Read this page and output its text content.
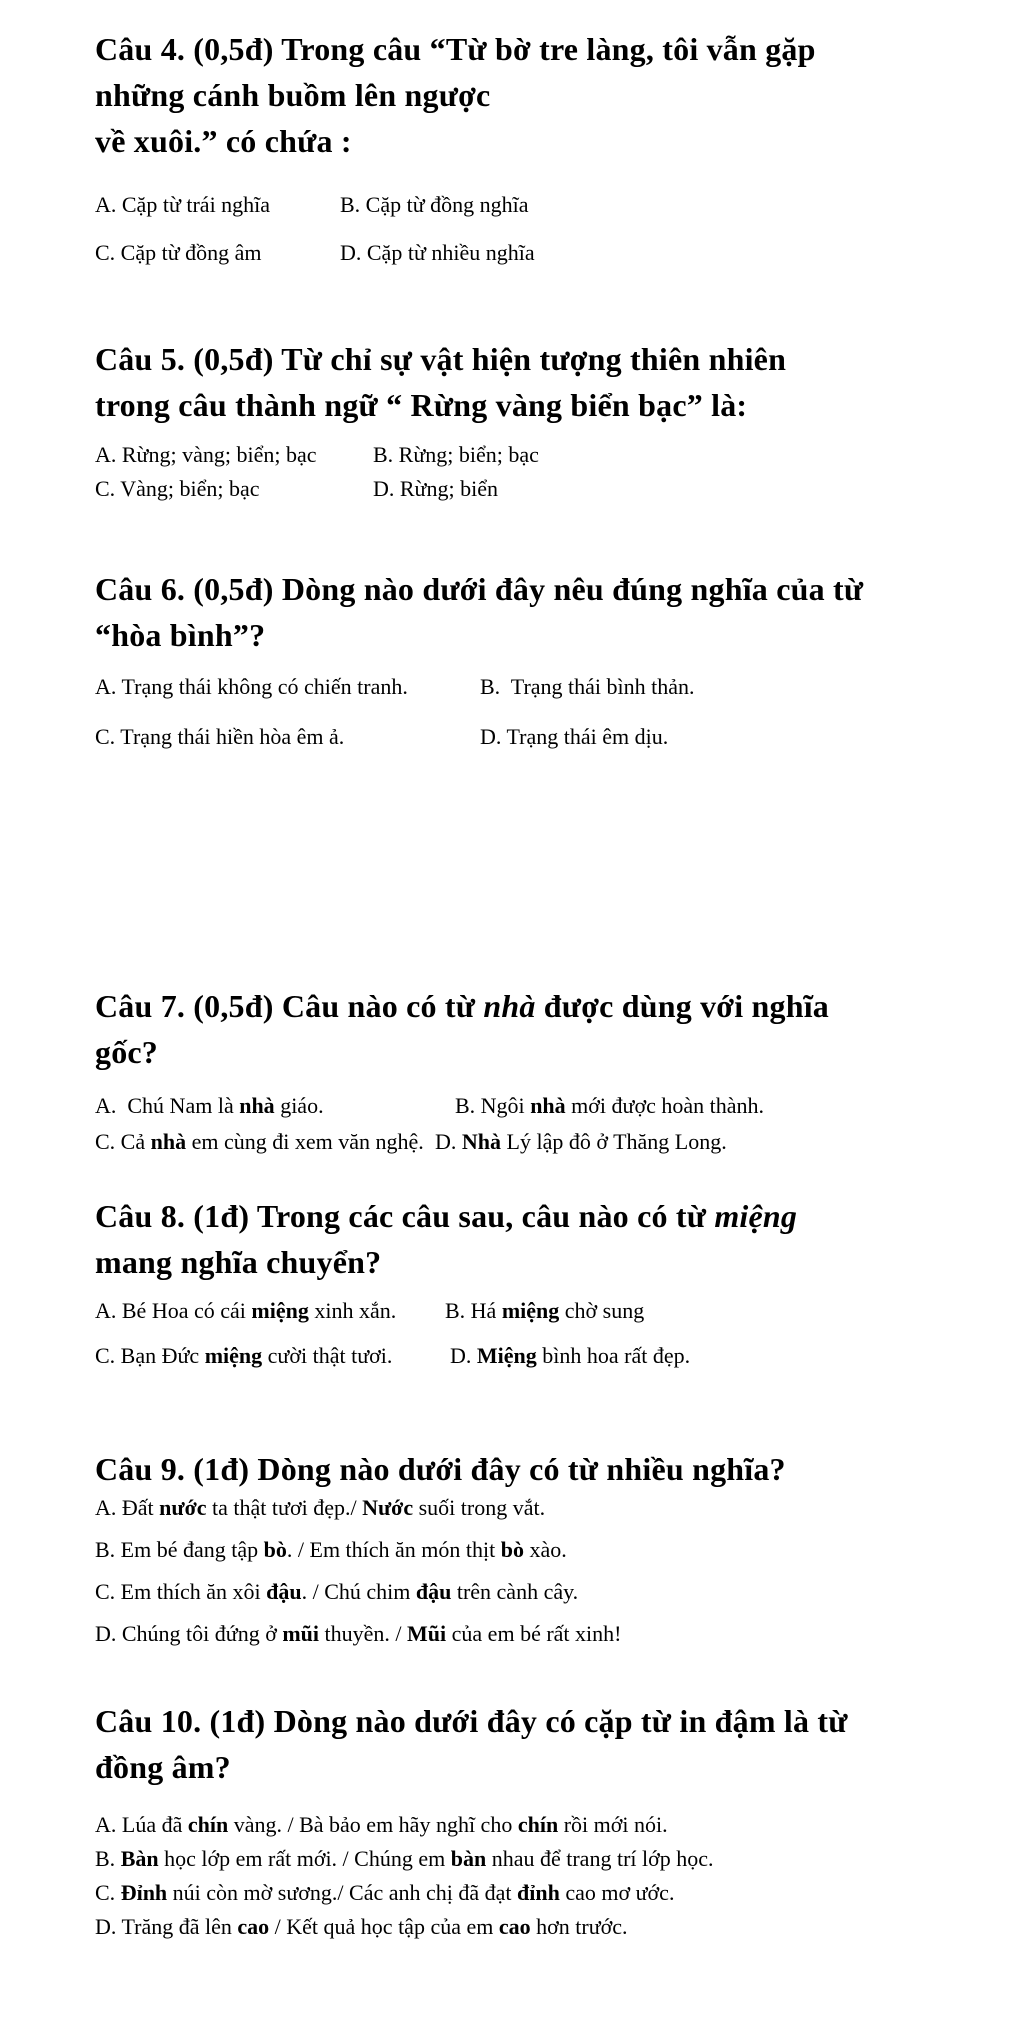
Câu 4. (0,5đ) Trong câu “Từ bờ tre làng, tôi vẫn gặp
những cánh buồm lên ngược
về xuôi.” có chứa :
A. Cặp từ trái nghĩa	B. Cặp từ đồng nghĩa
C. Cặp từ đồng âm	D. Cặp từ nhiều nghĩa
Câu 5. (0,5đ) Từ chỉ sự vật hiện tượng thiên nhiên
trong câu thành ngữ “ Rừng vàng biển bạc” là:
A. Rừng; vàng; biển; bạc	B. Rừng; biển; bạc
C. Vàng; biển; bạc	D. Rừng; biển
Câu 6. (0,5đ) Dòng nào dưới đây nêu đúng nghĩa của từ
“hòa bình”?
A. Trạng thái không có chiến tranh.	B.  Trạng thái bình thản.
C. Trạng thái hiền hòa êm ả.	D. Trạng thái êm dịu.
Câu 7. (0,5đ) Câu nào có từ nhà được dùng với nghĩa
gốc?
A.  Chú Nam là nhà giáo.	B. Ngôi nhà mới được hoàn thành.
C. Cả nhà em cùng đi xem văn nghệ. D. Nhà Lý lập đô ở Thăng Long.
Câu 8. (1đ) Trong các câu sau, câu nào có từ miệng
mang nghĩa chuyển?
A. Bé Hoa có cái miệng xinh xắn.	B. Há miệng chờ sung
C. Bạn Đức miệng cười thật tươi.	D. Miệng bình hoa rất đẹp.
Câu 9. (1đ) Dòng nào dưới đây có từ nhiều nghĩa?
A. Đất nước ta thật tươi đẹp./ Nước suối trong vắt.
B. Em bé đang tập bò. / Em thích ăn món thịt bò xào.
C. Em thích ăn xôi đậu. / Chú chim đậu trên cành cây.
D. Chúng tôi đứng ở mũi thuyền. / Mũi của em bé rất xinh!
Câu 10. (1đ) Dòng nào dưới đây có cặp từ in đậm là từ
đồng âm?
A. Lúa đã chín vàng. / Bà bảo em hãy nghĩ cho chín rồi mới nói.
B. Bàn học lớp em rất mới. / Chúng em bàn nhau để trang trí lớp học.
C. Đỉnh núi còn mờ sương./ Các anh chị đã đạt đỉnh cao mơ ước.
D. Trăng đã lên cao / Kết quả học tập của em cao hơn trước.
